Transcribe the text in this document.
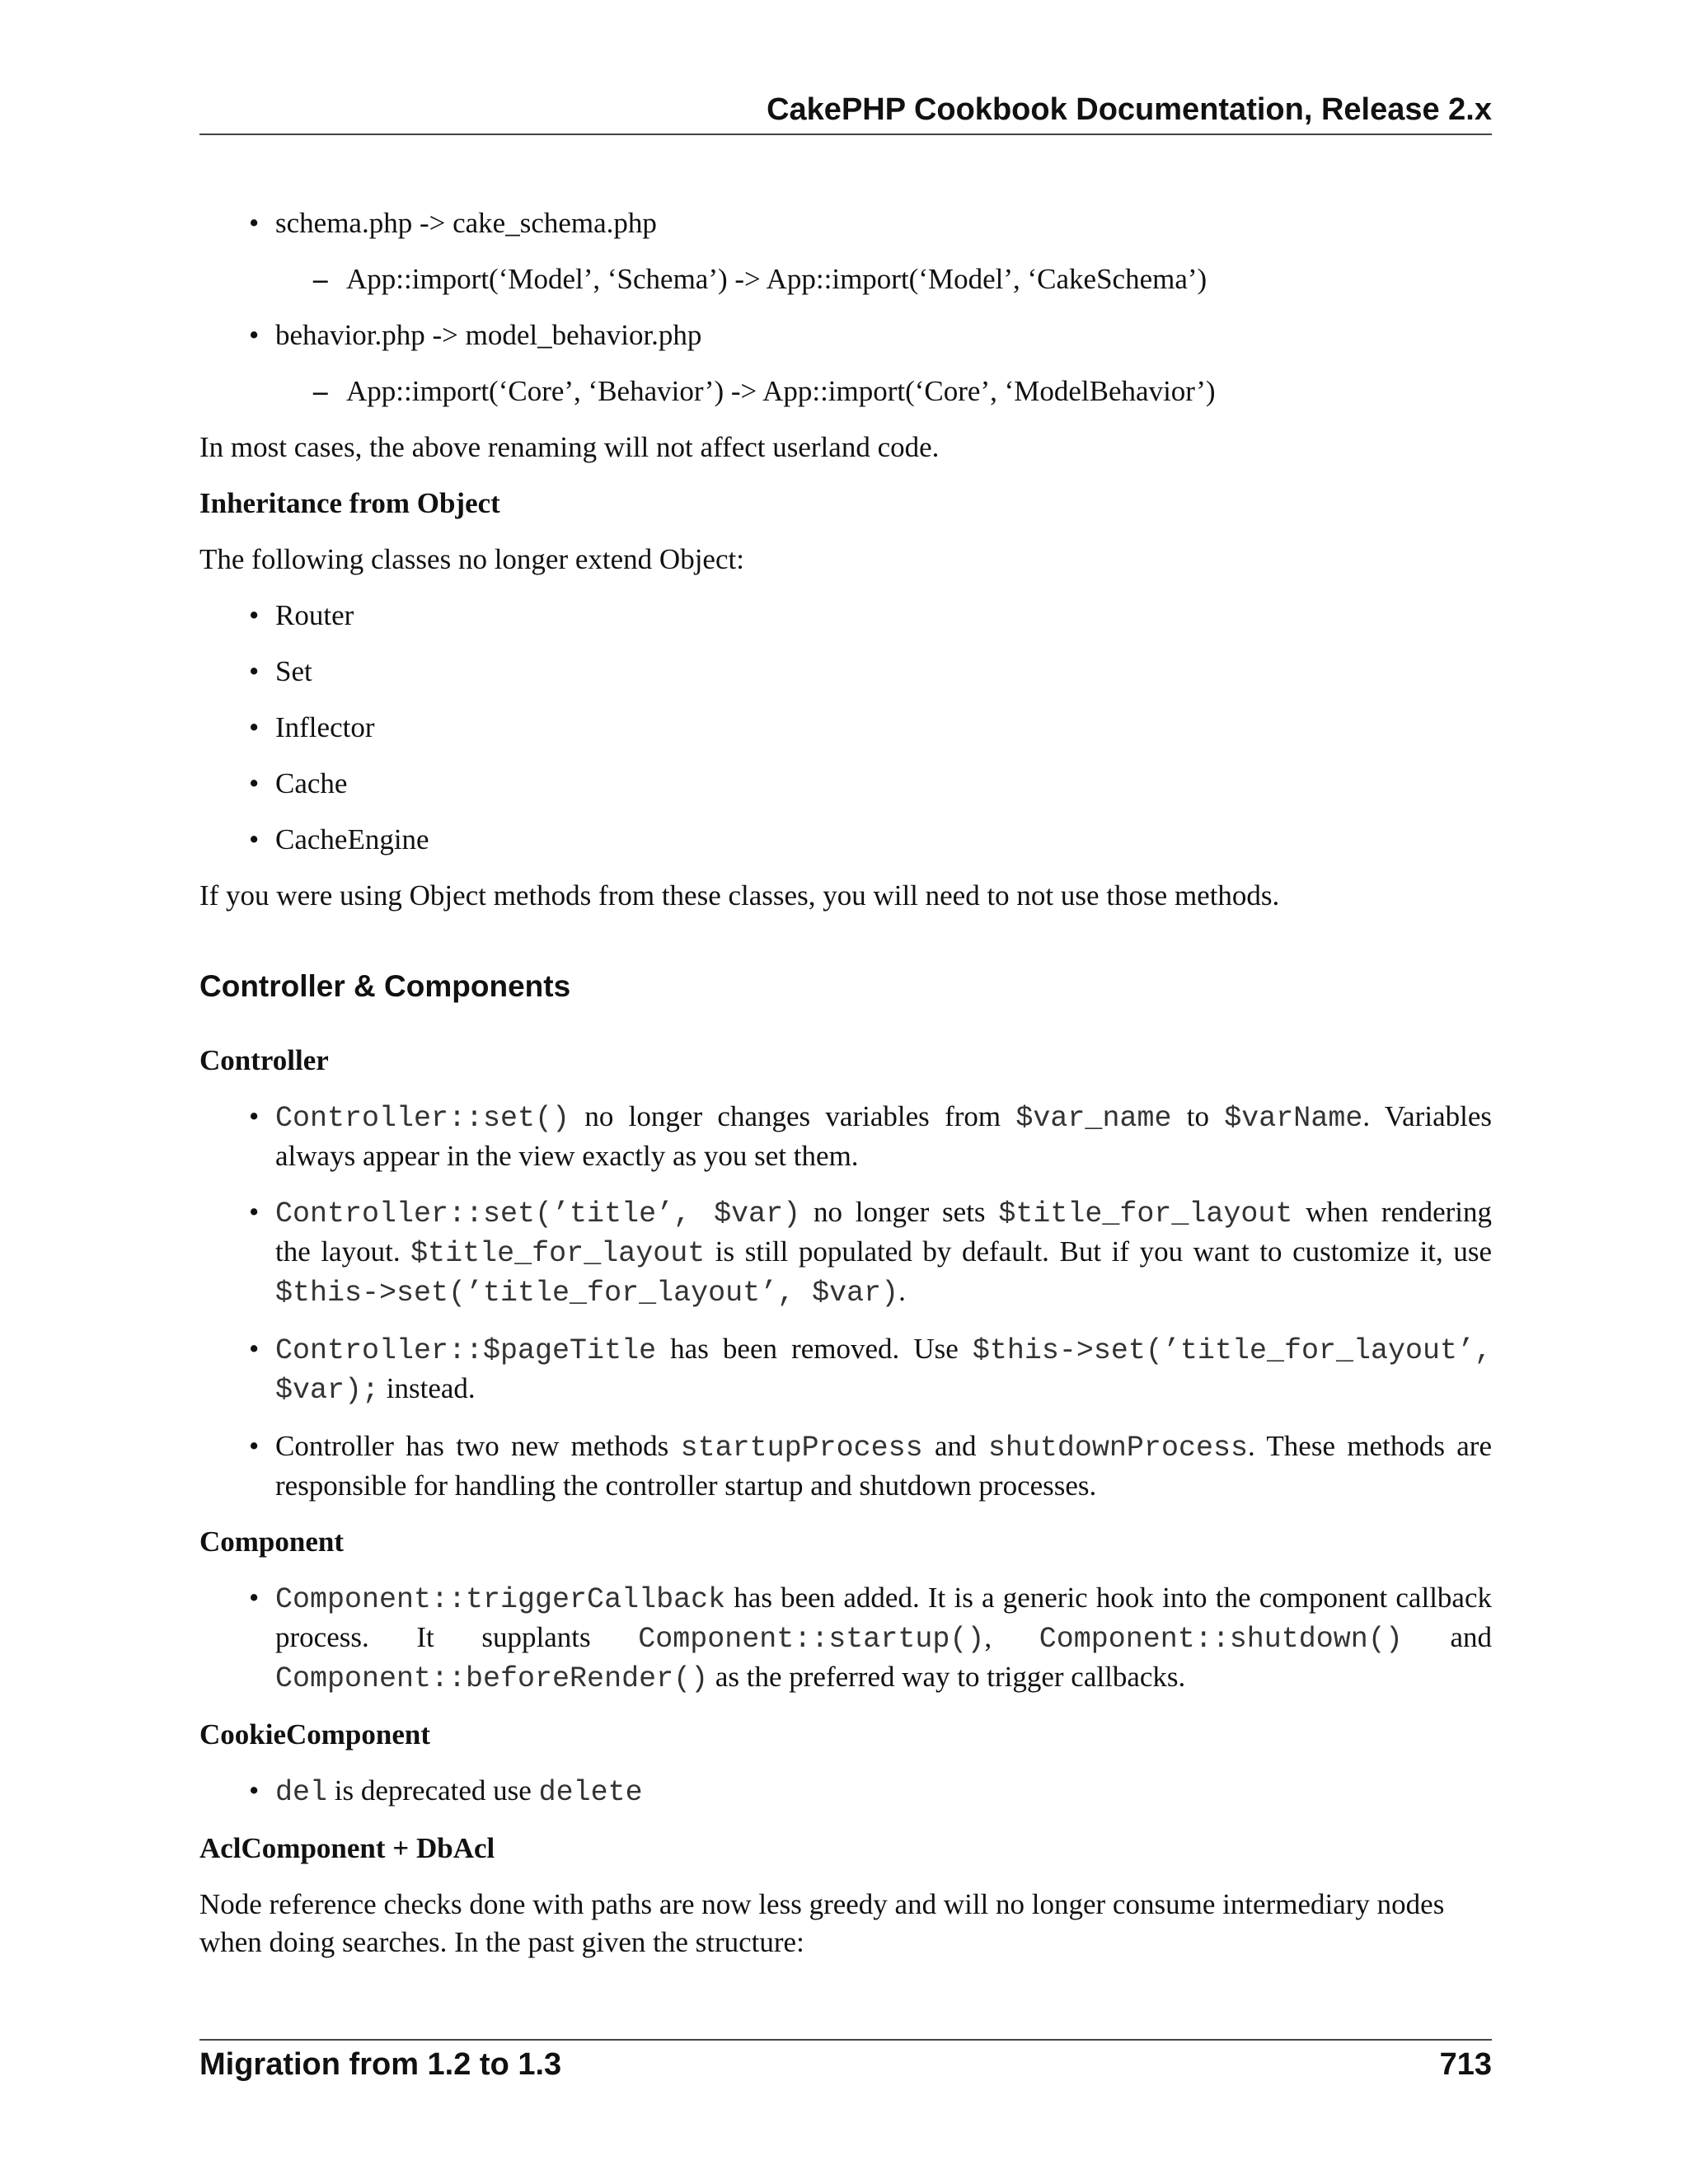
CakePHP Cookbook Documentation, Release 2.x
• schema.php -> cake_schema.php
– App::import(‘Model’, ‘Schema’) -> App::import(‘Model’, ‘CakeSchema’)
• behavior.php -> model_behavior.php
– App::import(‘Core’, ‘Behavior’) -> App::import(‘Core’, ‘ModelBehavior’)

In most cases, the above renaming will not affect userland code.

Inheritance from Object

The following classes no longer extend Object:

• Router
• Set
• Inflector
• Cache
• CacheEngine

If you were using Object methods from these classes, you will need to not use those methods.

Controller & Components
Controller
• Controller::set() no longer changes variables from $var_name to $varName. Variables always appear in the view exactly as you set them.
• Controller::set(’title’, $var) no longer sets $title_for_layout when rendering the layout. $title_for_layout is still populated by default. But if you want to customize it, use $this->set(’title_for_layout’, $var).
• Controller::$pageTitle has been removed. Use $this->set(’title_for_layout’, $var); instead.
• Controller has two new methods startupProcess and shutdownProcess. These methods are responsible for handling the controller startup and shutdown processes.
Component
• Component::triggerCallback has been added. It is a generic hook into the component callback process. It supplants Component::startup(), Component::shutdown() and Component::beforeRender() as the preferred way to trigger callbacks.
CookieComponent
• del is deprecated use delete
AclComponent + DbAcl

Node reference checks done with paths are now less greedy and will no longer consume intermediary nodes when doing searches. In the past given the structure:

Migration from 1.2 to 1.3	713
